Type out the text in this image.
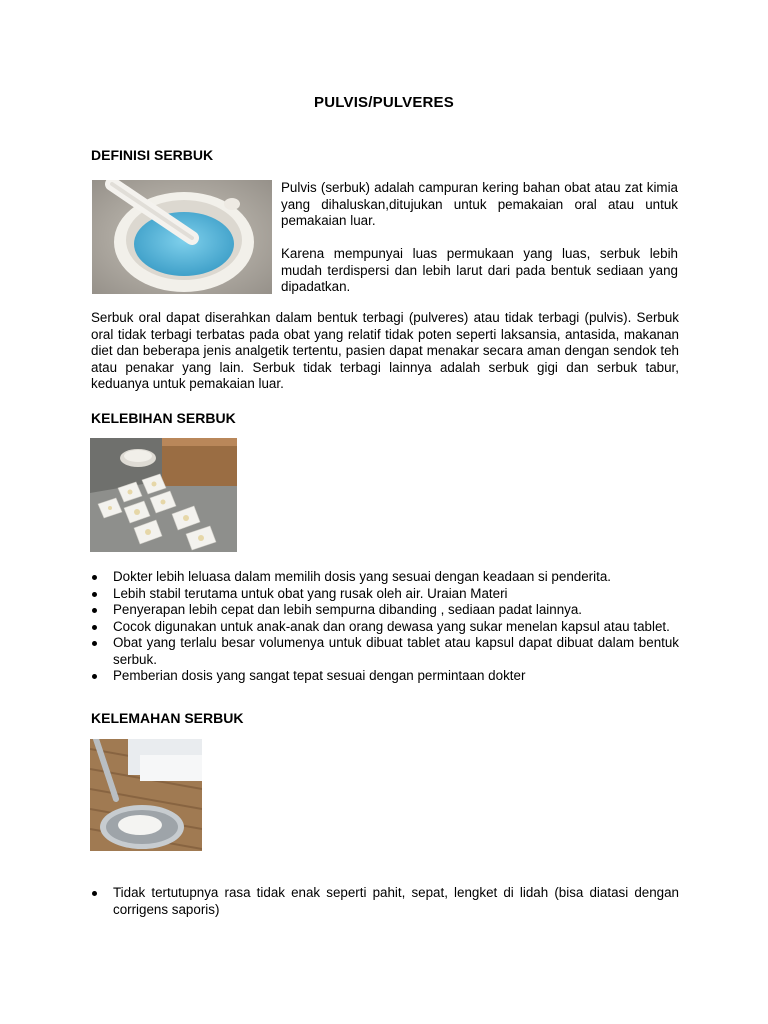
PULVIS/PULVERES
DEFINISI SERBUK
Pulvis (serbuk) adalah campuran kering bahan obat atau zat kimia yang dihaluskan,ditujukan untuk pemakaian oral atau untuk pemakaian luar.
Karena mempunyai luas permukaan yang luas, serbuk lebih mudah terdispersi dan lebih larut dari pada bentuk sediaan yang dipadatkan.
Serbuk oral dapat diserahkan dalam bentuk terbagi (pulveres) atau tidak terbagi (pulvis). Serbuk oral tidak terbagi terbatas pada obat yang relatif tidak poten seperti laksansia, antasida, makanan diet dan beberapa jenis analgetik tertentu, pasien dapat menakar secara aman dengan sendok teh atau penakar yang lain. Serbuk tidak terbagi lainnya adalah serbuk gigi dan serbuk tabur, keduanya untuk pemakaian luar.
KELEBIHAN SERBUK
Dokter lebih leluasa dalam memilih dosis yang sesuai dengan keadaan si penderita.
Lebih stabil terutama untuk obat yang rusak oleh air. Uraian Materi
Penyerapan lebih cepat dan lebih sempurna dibanding , sediaan padat lainnya.
Cocok digunakan untuk anak-anak dan orang dewasa yang sukar menelan kapsul atau tablet.
Obat yang terlalu besar volumenya untuk dibuat tablet atau kapsul dapat dibuat dalam bentuk serbuk.
Pemberian dosis yang sangat tepat sesuai dengan permintaan dokter
KELEMAHAN SERBUK
Tidak tertutupnya rasa tidak enak seperti pahit, sepat, lengket di lidah (bisa diatasi dengan corrigens saporis)
